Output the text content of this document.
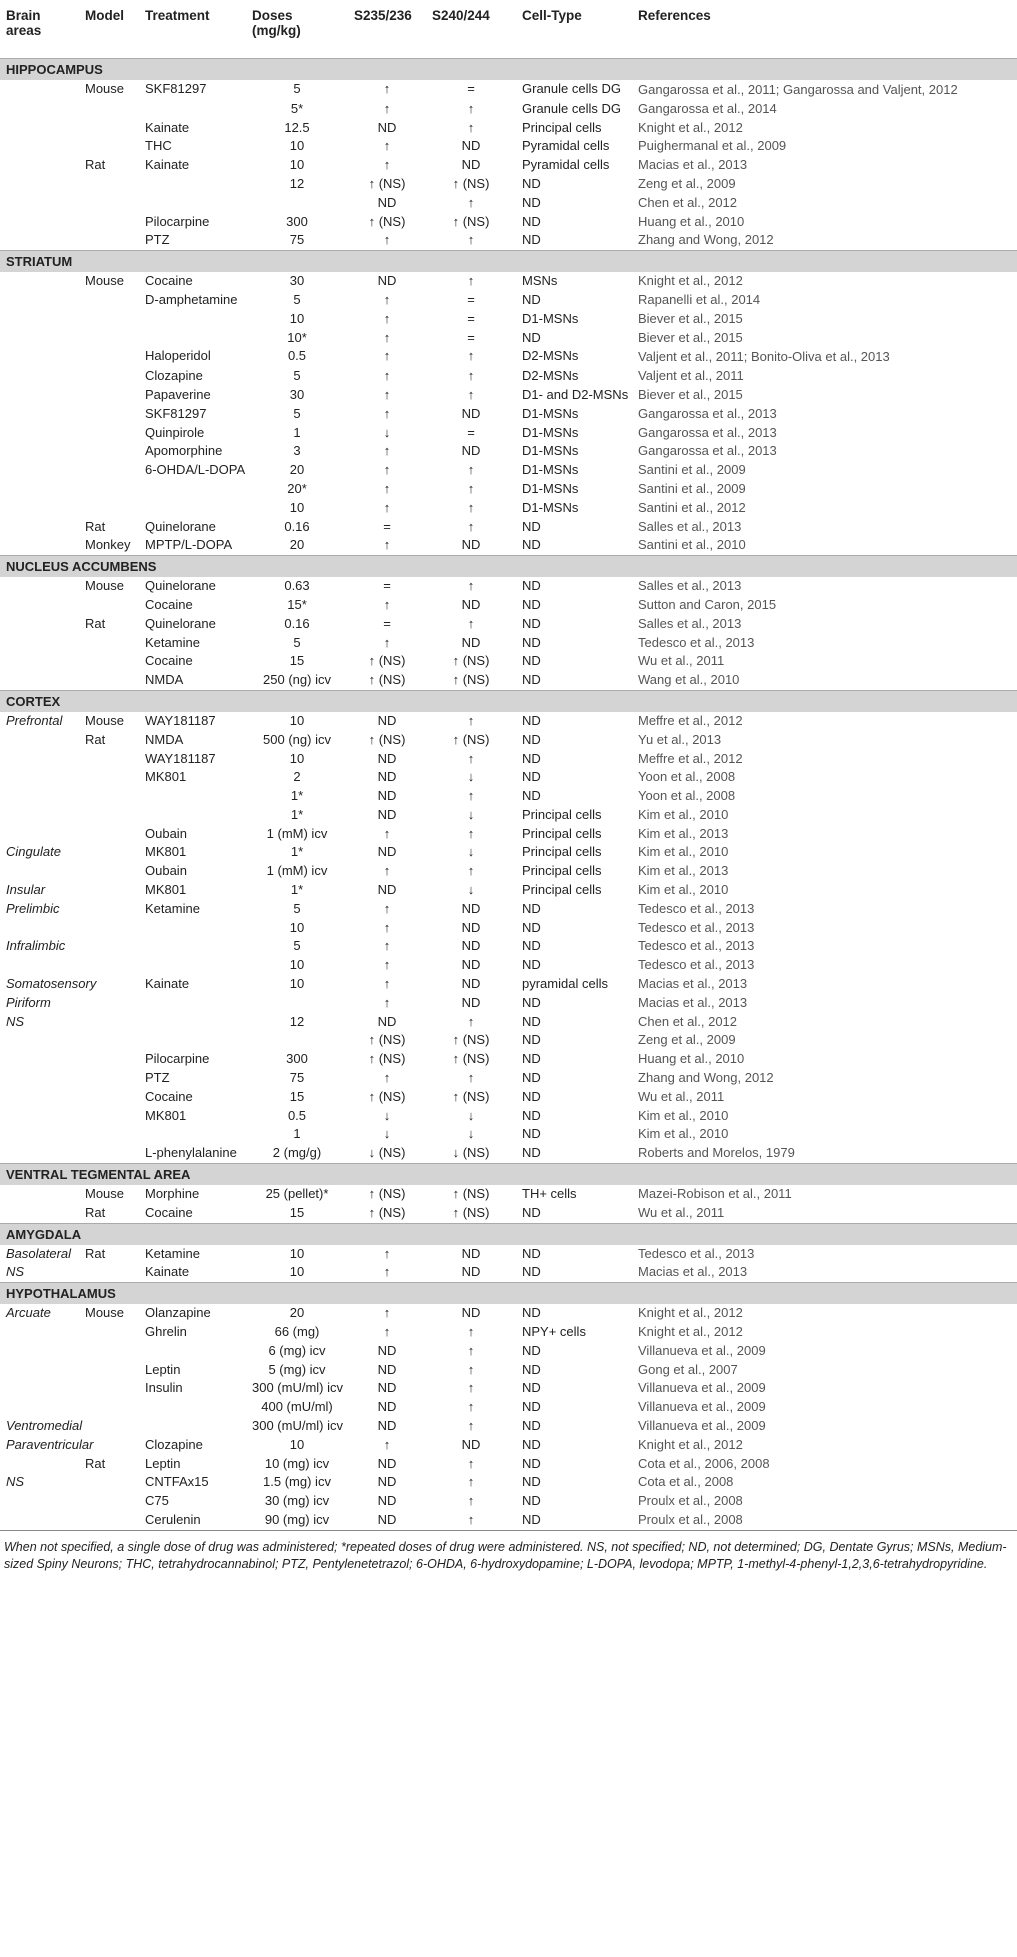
Brain areas	Model	Treatment	Doses (mg/kg)	S235/236	S240/244	Cell-Type	References
HIPPOCAMPUS							
	Mouse	SKF81297	5	↑	=	Granule cells DG	Gangarossa et al., 2011; Gangarossa and Valjent, 2012
			5*	↑	↑	Granule cells DG	Gangarossa et al., 2014
		Kainate	12.5	ND	↑	Principal cells	Knight et al., 2012
		THC	10	↑	ND	Pyramidal cells	Puighermanal et al., 2009
	Rat	Kainate	10	↑	ND	Pyramidal cells	Macias et al., 2013
			12	↑ (NS)	↑ (NS)	ND	Zeng et al., 2009
				ND	↑	ND	Chen et al., 2012
		Pilocarpine	300	↑ (NS)	↑ (NS)	ND	Huang et al., 2010
		PTZ	75	↑	↑	ND	Zhang and Wong, 2012
STRIATUM							
	Mouse	Cocaine	30	ND	↑	MSNs	Knight et al., 2012
		D-amphetamine	5	↑	=	ND	Rapanelli et al., 2014
			10	↑	=	D1-MSNs	Biever et al., 2015
			10*	↑	=	ND	Biever et al., 2015
		Haloperidol	0.5	↑	↑	D2-MSNs	Valjent et al., 2011; Bonito-Oliva et al., 2013
		Clozapine	5	↑	↑	D2-MSNs	Valjent et al., 2011
		Papaverine	30	↑	↑	D1- and D2-MSNs	Biever et al., 2015
		SKF81297	5	↑	ND	D1-MSNs	Gangarossa et al., 2013
		Quinpirole	1	↓	=	D1-MSNs	Gangarossa et al., 2013
		Apomorphine	3	↑	ND	D1-MSNs	Gangarossa et al., 2013
		6-OHDA/L-DOPA	20	↑	↑	D1-MSNs	Santini et al., 2009
			20*	↑	↑	D1-MSNs	Santini et al., 2009
			10	↑	↑	D1-MSNs	Santini et al., 2012
	Rat	Quinelorane	0.16	=	↑	ND	Salles et al., 2013
	Monkey	MPTP/L-DOPA	20	↑	ND	ND	Santini et al., 2010
NUCLEUS ACCUMBENS							
	Mouse	Quinelorane	0.63	=	↑	ND	Salles et al., 2013
		Cocaine	15*	↑	ND	ND	Sutton and Caron, 2015
	Rat	Quinelorane	0.16	=	↑	ND	Salles et al., 2013
		Ketamine	5	↑	ND	ND	Tedesco et al., 2013
		Cocaine	15	↑ (NS)	↑ (NS)	ND	Wu et al., 2011
		NMDA	250 (ng) icv	↑ (NS)	↑ (NS)	ND	Wang et al., 2010
CORTEX							
Prefrontal	Mouse	WAY181187	10	ND	↑	ND	Meffre et al., 2012
	Rat	NMDA	500 (ng) icv	↑ (NS)	↑ (NS)	ND	Yu et al., 2013
		WAY181187	10	ND	↑	ND	Meffre et al., 2012
		MK801	2	ND	↓	ND	Yoon et al., 2008
			1*	ND	↑	ND	Yoon et al., 2008
			1*	ND	↓	Principal cells	Kim et al., 2010
		Oubain	1 (mM) icv	↑	↑	Principal cells	Kim et al., 2013
Cingulate		MK801	1*	ND	↓	Principal cells	Kim et al., 2010
		Oubain	1 (mM) icv	↑	↑	Principal cells	Kim et al., 2013
Insular		MK801	1*	ND	↓	Principal cells	Kim et al., 2010
Prelimbic		Ketamine	5	↑	ND	ND	Tedesco et al., 2013
			10	↑	ND	ND	Tedesco et al., 2013
Infralimbic			5	↑	ND	ND	Tedesco et al., 2013
			10	↑	ND	ND	Tedesco et al., 2013
Somatosensory		Kainate	10	↑	ND	pyramidal cells	Macias et al., 2013
Piriform				↑	ND	ND	Macias et al., 2013
NS			12	ND	↑	ND	Chen et al., 2012
				↑ (NS)	↑ (NS)	ND	Zeng et al., 2009
		Pilocarpine	300	↑ (NS)	↑ (NS)	ND	Huang et al., 2010
		PTZ	75	↑	↑	ND	Zhang and Wong, 2012
		Cocaine	15	↑ (NS)	↑ (NS)	ND	Wu et al., 2011
		MK801	0.5	↓	↓	ND	Kim et al., 2010
			1	↓	↓	ND	Kim et al., 2010
		L-phenylalanine	2 (mg/g)	↓ (NS)	↓ (NS)	ND	Roberts and Morelos, 1979
VENTRAL TEGMENTAL AREA							
	Mouse	Morphine	25 (pellet)*	↑ (NS)	↑ (NS)	TH+ cells	Mazei-Robison et al., 2011
	Rat	Cocaine	15	↑ (NS)	↑ (NS)	ND	Wu et al., 2011
AMYGDALA							
Basolateral	Rat	Ketamine	10	↑	ND	ND	Tedesco et al., 2013
NS		Kainate	10	↑	ND	ND	Macias et al., 2013
HYPOTHALAMUS							
Arcuate	Mouse	Olanzapine	20	↑	ND	ND	Knight et al., 2012
		Ghrelin	66 (mg)	↑	↑	NPY+ cells	Knight et al., 2012
			6 (mg) icv	ND	↑	ND	Villanueva et al., 2009
		Leptin	5 (mg) icv	ND	↑	ND	Gong et al., 2007
		Insulin	300 (mU/ml) icv	ND	↑	ND	Villanueva et al., 2009
			400 (mU/ml)	ND	↑	ND	Villanueva et al., 2009
Ventromedial			300 (mU/ml) icv	ND	↑	ND	Villanueva et al., 2009
Paraventricular		Clozapine	10	↑	ND	ND	Knight et al., 2012
	Rat	Leptin	10 (mg) icv	ND	↑	ND	Cota et al., 2006, 2008
NS		CNTFAx15	1.5 (mg) icv	ND	↑	ND	Cota et al., 2008
		C75	30 (mg) icv	ND	↑	ND	Proulx et al., 2008
		Cerulenin	90 (mg) icv	ND	↑	ND	Proulx et al., 2008
When not specified, a single dose of drug was administered; *repeated doses of drug were administered. NS, not specified; ND, not determined; DG, Dentate Gyrus; MSNs, Medium-sized Spiny Neurons; THC, tetrahydrocannabinol; PTZ, Pentylenetetrazol; 6-OHDA, 6-hydroxydopamine; L-DOPA, levodopa; MPTP, 1-methyl-4-phenyl-1,2,3,6-tetrahydropyridine.
